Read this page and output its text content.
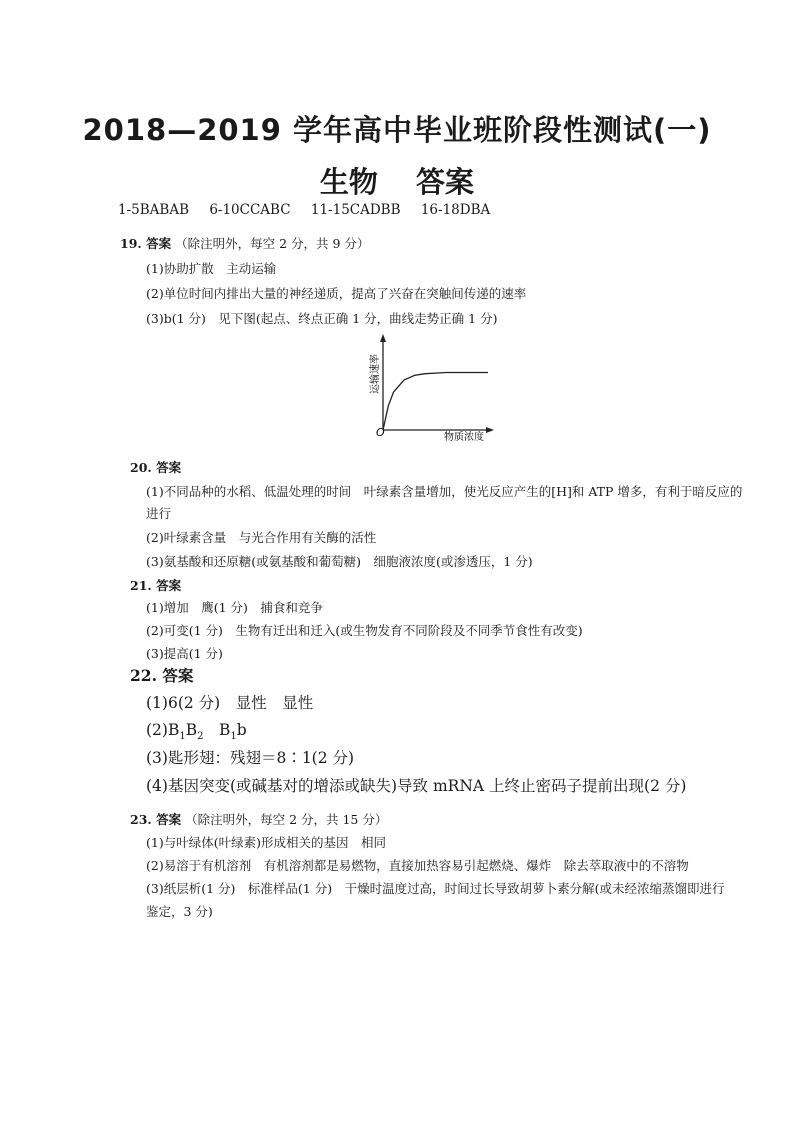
2018—2019 学年高中毕业班阶段性测试(一)
生物 答案
1-5BABAB 6-10CCABC 11-15CADBB 16-18DBA
19. 答案 （除注明外，每空 2 分，共 9 分）
(1)协助扩散　主动运输
(2)单位时间内排出大量的神经递质，提高了兴奋在突触间传递的速率
(3)b(1 分)　见下图(起点、终点正确 1 分，曲线走势正确 1 分)
O
运输速率
物质浓度
20. 答案
(1)不同品种的水稻、低温处理的时间　叶绿素含量增加，使光反应产生的[H]和 ATP 增多，有利于暗反应的
进行
(2)叶绿素含量　与光合作用有关酶的活性
(3)氨基酸和还原糖(或氨基酸和葡萄糖)　细胞液浓度(或渗透压，1 分)
21. 答案
(1)增加　鹰(1 分)　捕食和竞争
(2)可变(1 分)　生物有迁出和迁入(或生物发育不同阶段及不同季节食性有改变)
(3)提高(1 分)
22. 答案
(1)6(2 分)　显性　显性
$(2)B_1B_2$　$B_1b$
(3)匙形翅：残翅＝8∶1(2 分)
(4)基因突变(或碱基对的增添或缺失)导致 mRNA 上终止密码子提前出现(2 分)
23. 答案 （除注明外，每空 2 分，共 15 分）
(1)与叶绿体(叶绿素)形成相关的基因　相同
(2)易溶于有机溶剂　有机溶剂都是易燃物，直接加热容易引起燃烧、爆炸　除去萃取液中的不溶物
(3)纸层析(1 分)　标准样品(1 分)　干燥时温度过高，时间过长导致胡萝卜素分解(或未经浓缩蒸馏即进行
鉴定，3 分)
